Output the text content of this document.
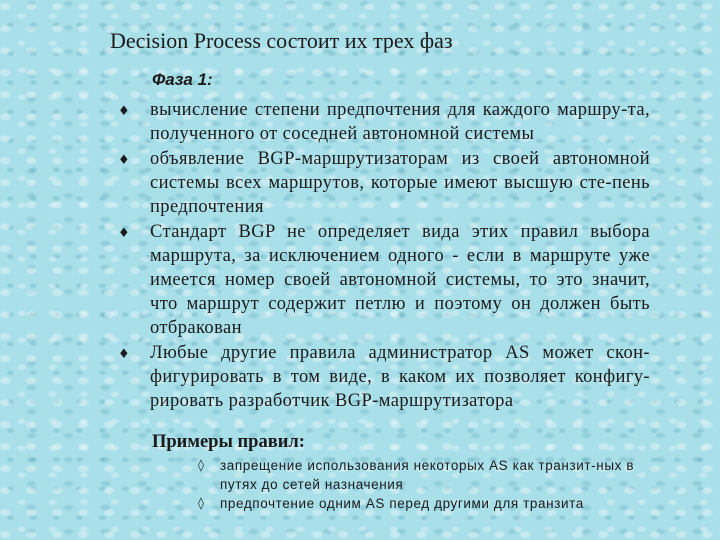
Decision Process состоит их трех фаз
Фаза 1:
♦	вычисление степени предпочтения для каждого маршру-та, полученного от соседней автономной системы
♦	объявление BGP-маршрутизаторам из своей автономной системы всех маршрутов, которые имеют высшую сте-пень предпочтения
♦	Стандарт BGP не определяет вида этих правил выбора маршрута, за исключением одного - если в маршруте уже имеется номер своей автономной системы, то это значит, что маршрут содержит петлю и поэтому он должен быть отбракован
♦	Любые другие правила администратор AS может скон-фигурировать в том виде, в каком их позволяет конфигу-рировать разработчик BGP-маршрутизатора
Примеры правил:
◊	запрещение использования некоторых AS как транзит-ных в путях до сетей назначения
◊	предпочтение одним AS перед другими для транзита
